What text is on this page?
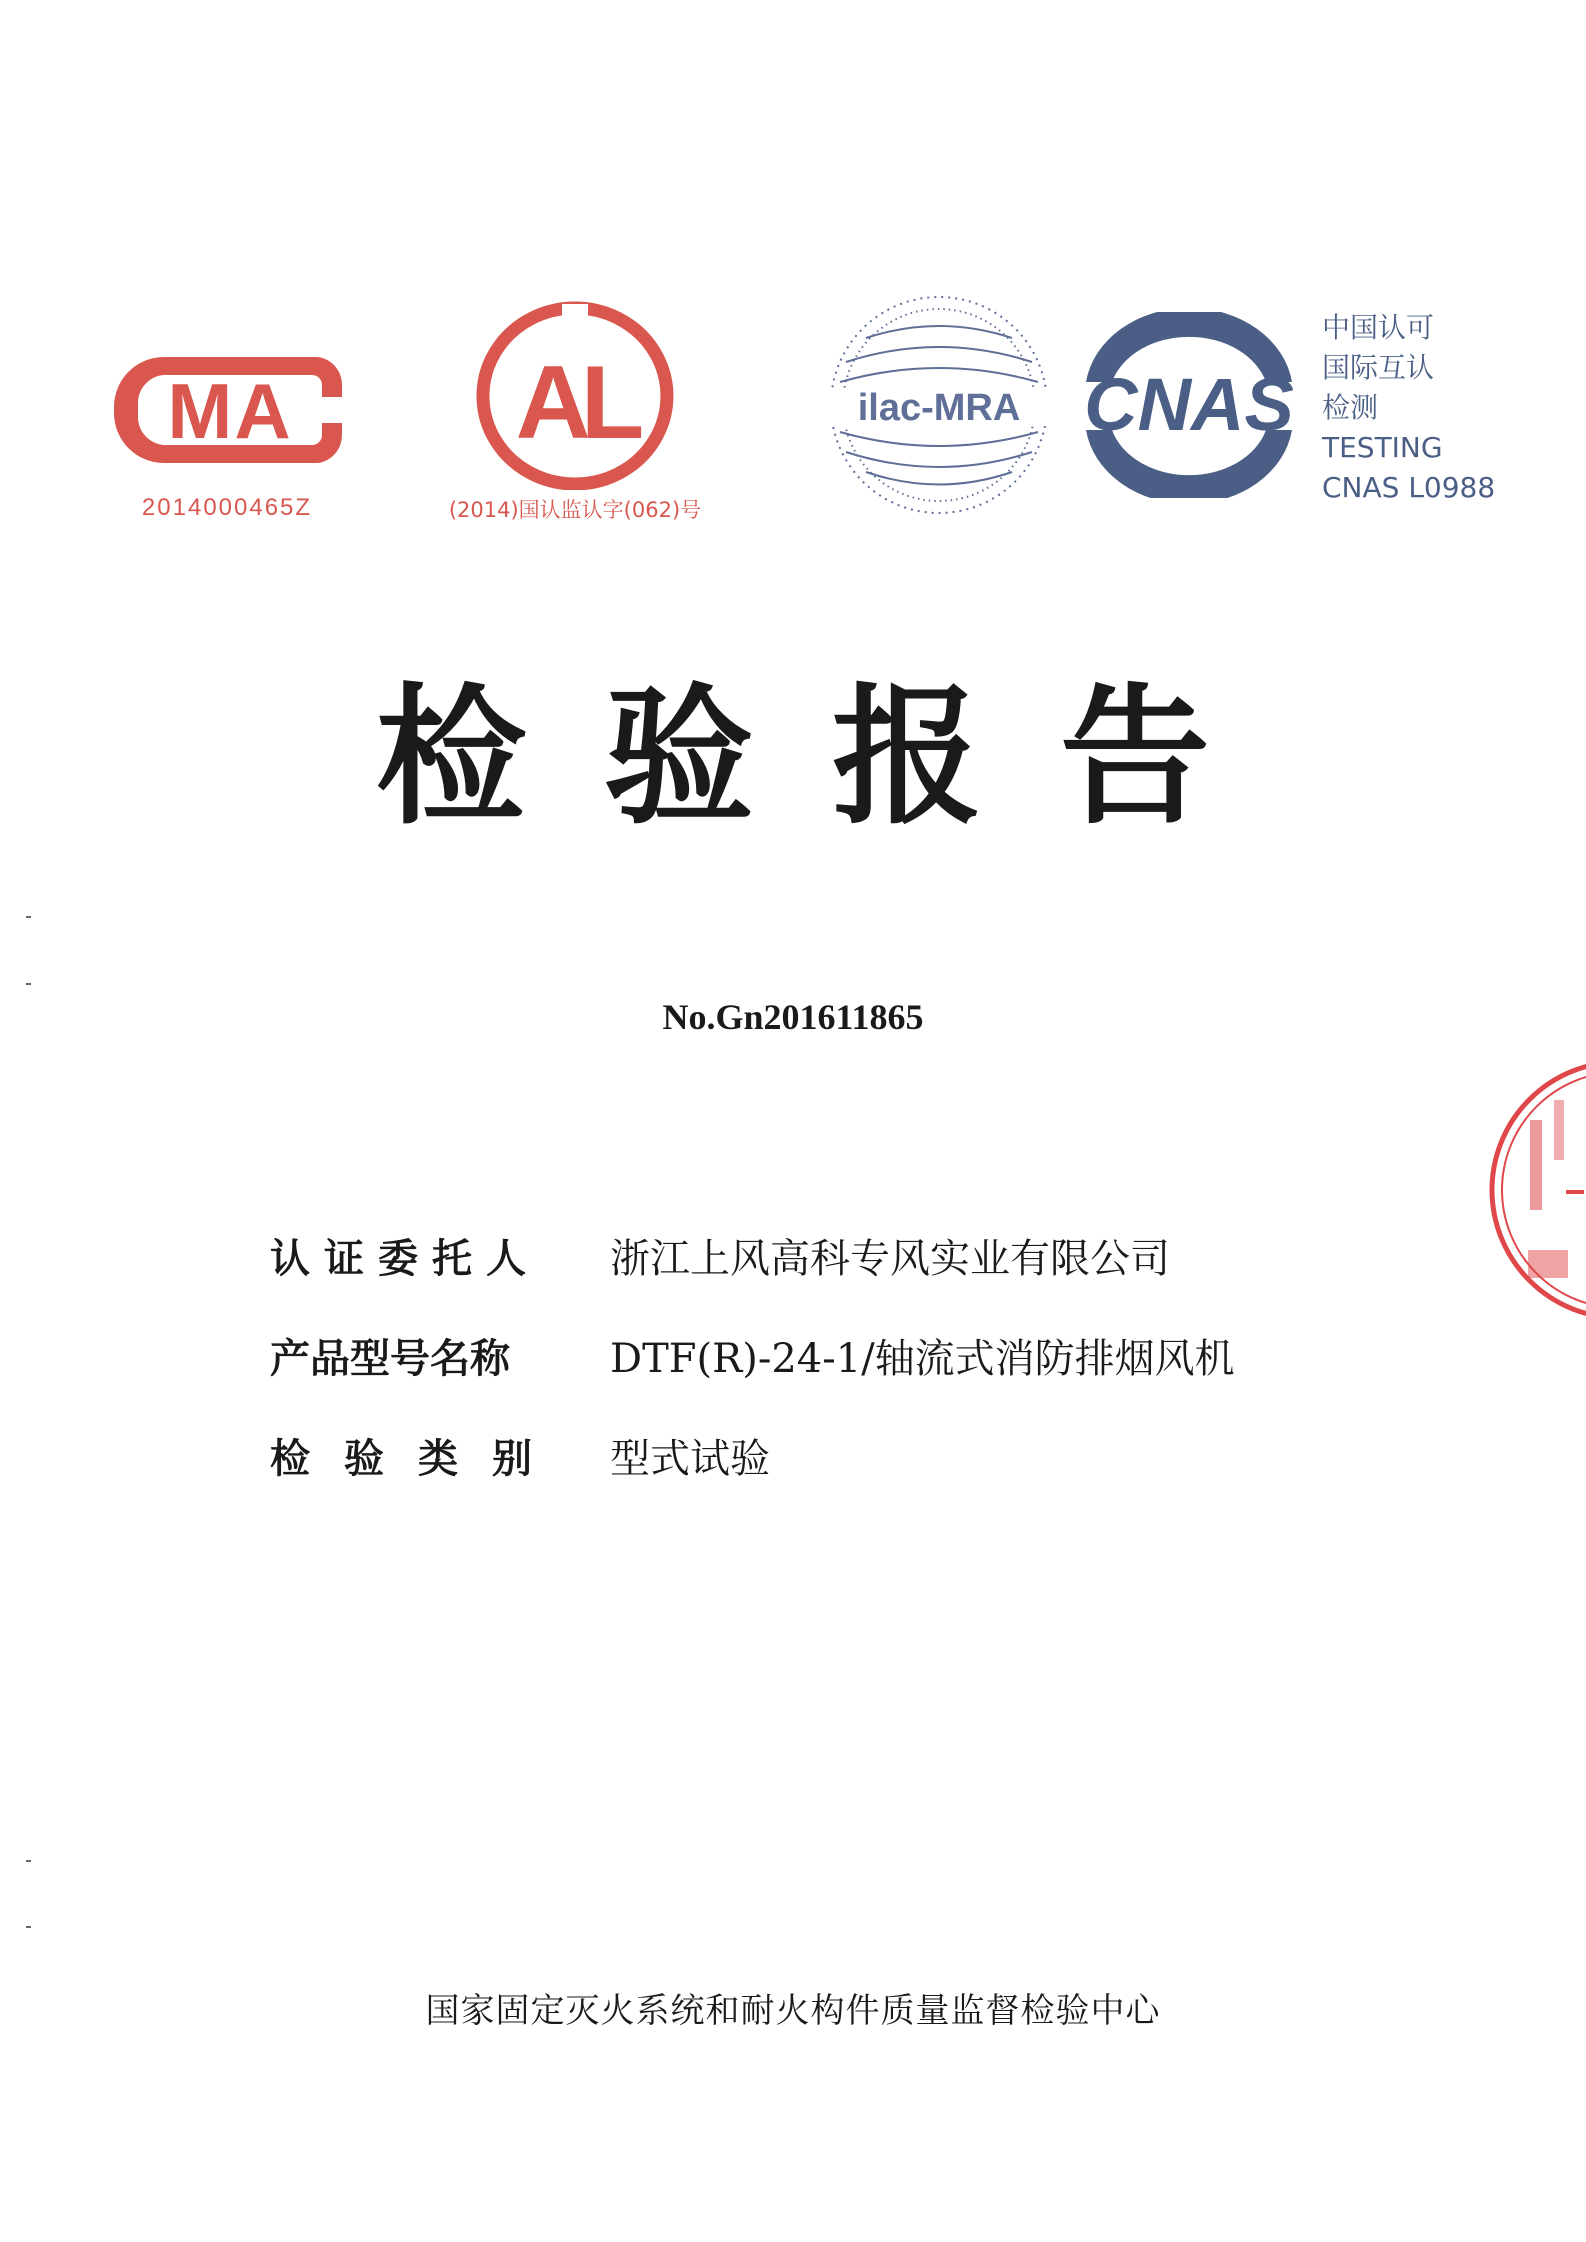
MA
2014000465Z
AL
(2014)国认监认字(062)号
ilac-MRA CNAS
中国认可
国际互认
检测
TESTING
CNAS L0988
检验报告
No.Gn201611865
认证委托人	浙江上风高科专风实业有限公司
产品型号名称	DTF(R)-24-1/轴流式消防排烟风机
检验类别	型式试验
国家固定灭火系统和耐火构件质量监督检验中心
